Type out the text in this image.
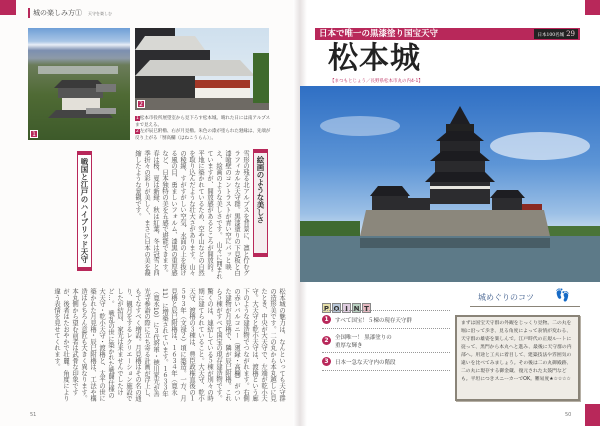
城の楽しみ方① 天守を楽しむ
1
2
1松本市役所展望室から見下ろす松本城。晴れた日には南アルプスまで見える。
2左が辰巳附櫓、右が月見櫓。朱色の漆が塗られた廻縁は、先端が反り上がる「刎高欄（はねこうらん）」。
絵画のような美しさ
雪形の残る北アルプスを背景に、凛と佇むグラフィカルな天守群。黒漆塗りの下見板と白漆喰壁のコントラストが青い空にパッと映え、絵画のような美しさです。　山々に囲まれていますが、開放感があるところが開放的。平地に築かれているため、空や山などの自然を取り込んだような壮大さがあります。山々の稜線、すがすがしい空気、水面の上を抜ける風の目、勇ましいフォルム、漆黒の重厚感など、日本独特の美を五感で堪能できます。春は桜、夏は新緑、秋は紅葉、冬は冠雪と四季折々の彩りが美しく、まさに日本の美を凝縮したような景観です。
戦国と江戸のハイブリッド天守
松本城の魅力は、なんといっても天守群の造形美です。二の丸から本丸越しに見たとき、中央が大天守で、左端が乾小天守。大天守と乾小天守は、渡櫓という廊下のような建造物でつながれます。右側の赤いバルコニー（廻縁・高欄）がついた建物が月見櫓で、隣が辰巳附櫓。これら５棟がすべて国宝の現存建造物です。　驚くのは、連結している５棟が別々の時期に建てられていること。大天守、乾小天守、渡櫓の３棟は、豊臣政権直後の１５９３年（文禄２）頃に築造。一方、月見櫓と辰巳附櫓は、１６３４年（寛永11）に増築されています。１６３３年（寛永10）に３代将軍・徳川家光が善光寺参詣の際に立ち寄る計画が浮上し、もてなすべく増設。月見櫓はその名の通り、観月をするレクリエーション施設でしたが結局、家光は来ませんでしたけど…。　戦乱の世に築かれた戦闘仕様の大天守・乾小天守・渡櫓と、太平の世に築かれた月見櫓・辰巳附櫓は、工法や構造はもちろん意匠も大きく異なります。本丸側から望む前者は武骨な印象ですが、後者はたおやかで壮麗。角度により違う表情を見せてくれます。
51
日本で唯一の黒漆塗り国宝天守	日本100名城 29
松本城
【まつもとじょう／長野県松本市丸の内4-1】
P O I N T
1	すべて国宝！５棟の現存天守群
2	全国唯一！ 黒漆塗りの重厚な輝き
3	日本一急な天守内の階段
城めぐりのコツ 👣
まずは国宝天守群の外観をじっくり見物。二の丸を堀に沿って歩き、見る角度によって表情が変わる、天守群の雄姿を楽しんで。江戸時代の正規ルートに従って、黒門から本丸へと進み、最後に天守群の内部へ。用途と工夫に着目して、建築技法や雰囲気の違いを比べてみましょう。その後は二の丸御殿跡、二の丸に現存する御金蔵、復元された太鼓門なども。平坦につきスニーカーでOK。難易度★☆☆☆☆
50
